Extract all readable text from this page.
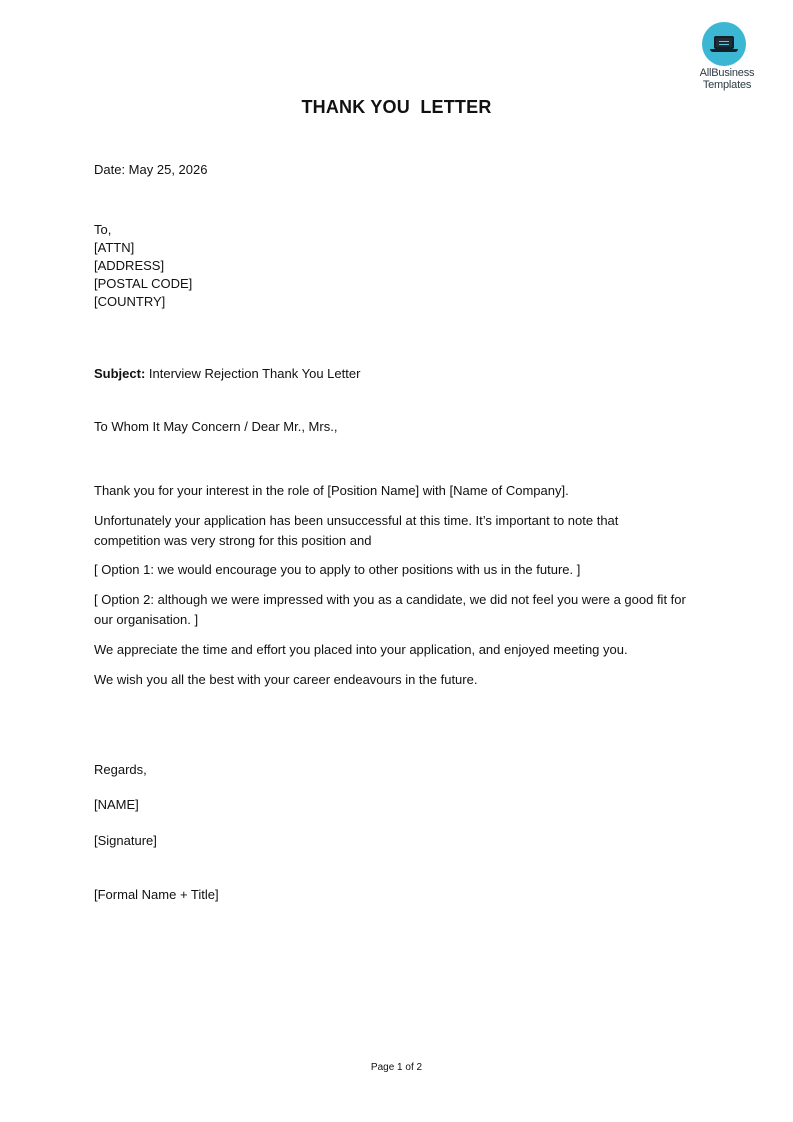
AllBusiness
Templates
THANK YOU  LETTER
Date: May 25, 2026
To,
[ATTN]
[ADDRESS]
[POSTAL CODE]
[COUNTRY]
Subject: Interview Rejection Thank You Letter
To Whom It May Concern / Dear Mr., Mrs.,
Thank you for your interest in the role of [Position Name] with [Name of Company].
Unfortunately your application has been unsuccessful at this time. It’s important to note that competition was very strong for this position and
[ Option 1: we would encourage you to apply to other positions with us in the future. ]
[ Option 2: although we were impressed with you as a candidate, we did not feel you were a good fit for our organisation. ]
We appreciate the time and effort you placed into your application, and enjoyed meeting you.
We wish you all the best with your career endeavours in the future.
Regards,
[NAME]
[Signature]
[Formal Name + Title]
Page 1 of 2
